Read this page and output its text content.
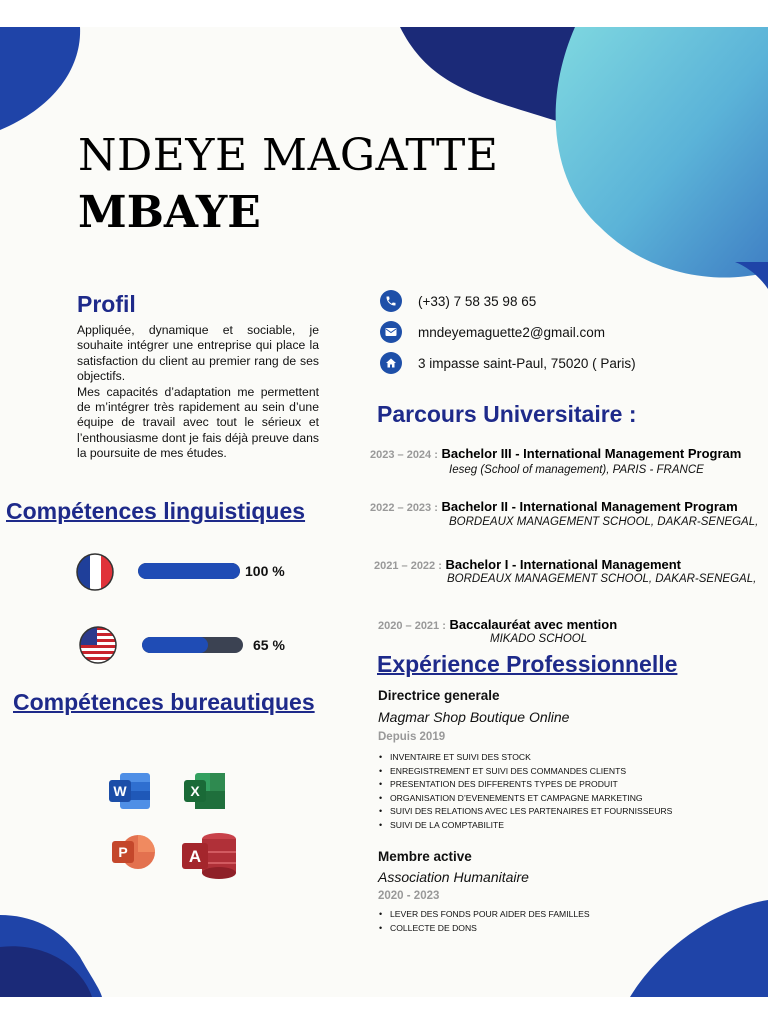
NDEYE MAGATTE
MBAYE
Profil
Appliquée, dynamique et sociable, je souhaite intégrer une entreprise qui place la satisfaction du client au premier rang de ses objectifs.
Mes capacités d’adaptation me permettent de m’intégrer très rapidement au sein d’une équipe de travail avec tout le sérieux et l’enthousiasme dont je fais déjà preuve dans la poursuite de mes études.
(+33) 7 58 35 98 65
mndeyemaguette2@gmail.com
3 impasse saint-Paul, 75020 ( Paris)
Parcours Universitaire :
2023 – 2024 : Bachelor III - International Management Program
Ieseg (School of management), PARIS - FRANCE
2022 – 2023 : Bachelor II - International Management Program
BORDEAUX MANAGEMENT SCHOOL, DAKAR-SENEGAL,
2021 – 2022 : Bachelor I - International Management
BORDEAUX MANAGEMENT SCHOOL, DAKAR-SENEGAL,
2020 – 2021 : Baccalauréat avec mention
MIKADO SCHOOL
Compétences linguistiques
100 %
65 %
Compétences bureautiques
W	X
P	A
Expérience Professionnelle
Directrice generale
Magmar Shop Boutique Online
Depuis 2019
• INVENTAIRE ET SUIVI DES STOCK
• ENREGISTREMENT ET SUIVI DES COMMANDES CLIENTS
• PRESENTATION DES DIFFERENTS TYPES DE PRODUIT
• ORGANISATION D’EVENEMENTS ET CAMPAGNE MARKETING
• SUIVI DES RELATIONS AVEC LES PARTENAIRES ET FOURNISSEURS
• SUIVI DE LA COMPTABILITE
Membre active
Association Humanitaire
2020 - 2023
• LEVER DES FONDS POUR AIDER DES FAMILLES
• COLLECTE DE DONS
